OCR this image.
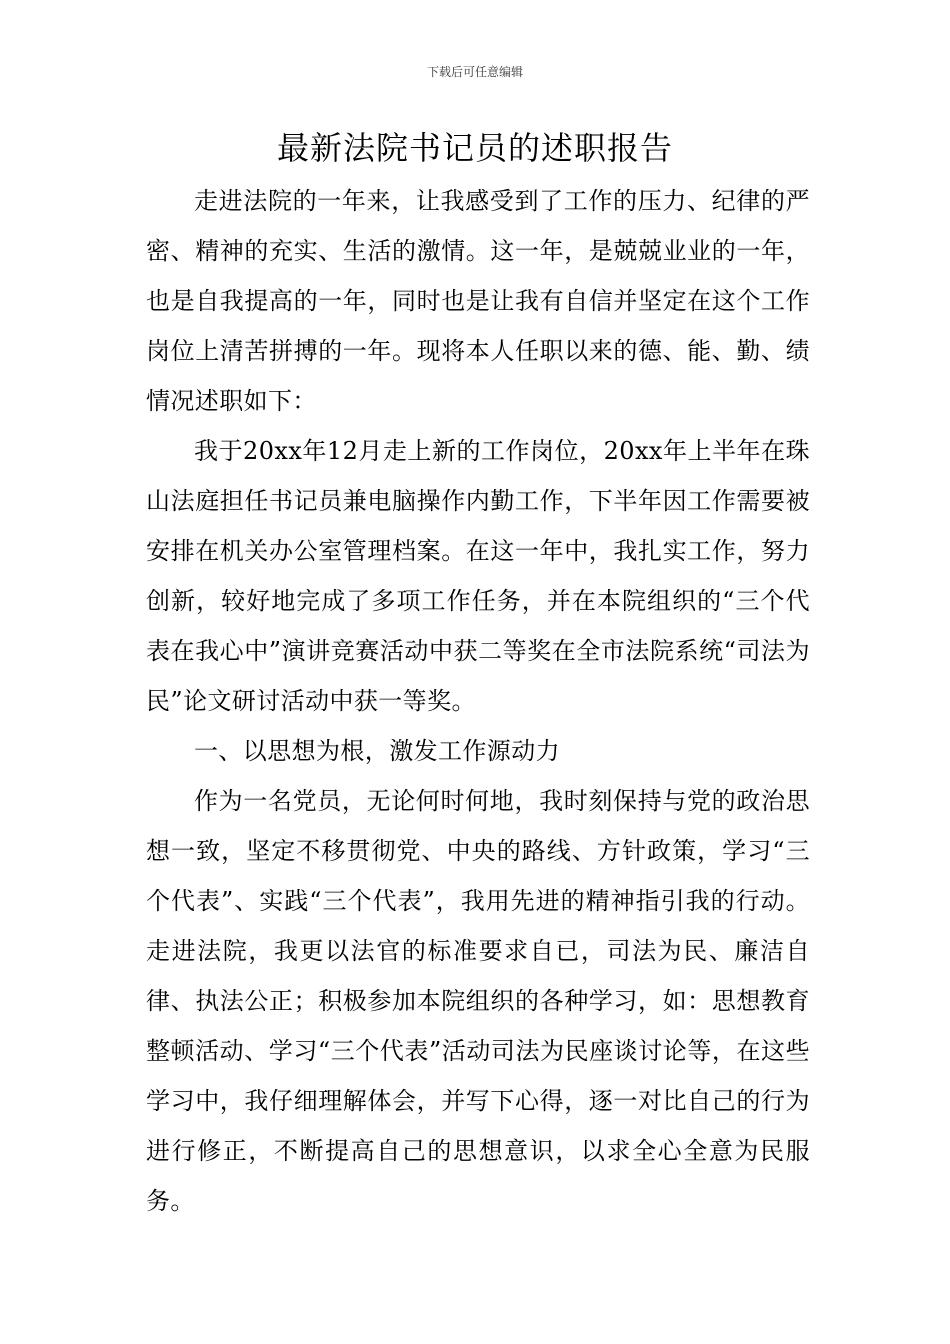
下载后可任意编辑
最新法院书记员的述职报告

走进法院的一年来，让我感受到了工作的压力、纪律的严密、精神的充实、生活的激情。这一年，是兢兢业业的一年，也是自我提高的一年，同时也是让我有自信并坚定在这个工作岗位上清苦拼搏的一年。现将本人任职以来的德、能、勤、绩情况述职如下：

我于20xx年12月走上新的工作岗位，20xx年上半年在珠山法庭担任书记员兼电脑操作内勤工作，下半年因工作需要被安排在机关办公室管理档案。在这一年中，我扎实工作，努力创新，较好地完成了多项工作任务，并在本院组织的“三个代表在我心中”演讲竞赛活动中获二等奖在全市法院系统“司法为民”论文研讨活动中获一等奖。

一、以思想为根，激发工作源动力

作为一名党员，无论何时何地，我时刻保持与党的政治思想一致，坚定不移贯彻党、中央的路线、方针政策，学习“三个代表”、实践“三个代表”，我用先进的精神指引我的行动。走进法院，我更以法官的标准要求自已，司法为民、廉洁自律、执法公正；积极参加本院组织的各种学习，如：思想教育整顿活动、学习“三个代表”活动司法为民座谈讨论等，在这些学习中，我仔细理解体会，并写下心得，逐一对比自己的行为进行修正，不断提高自己的思想意识，以求全心全意为民服务。
